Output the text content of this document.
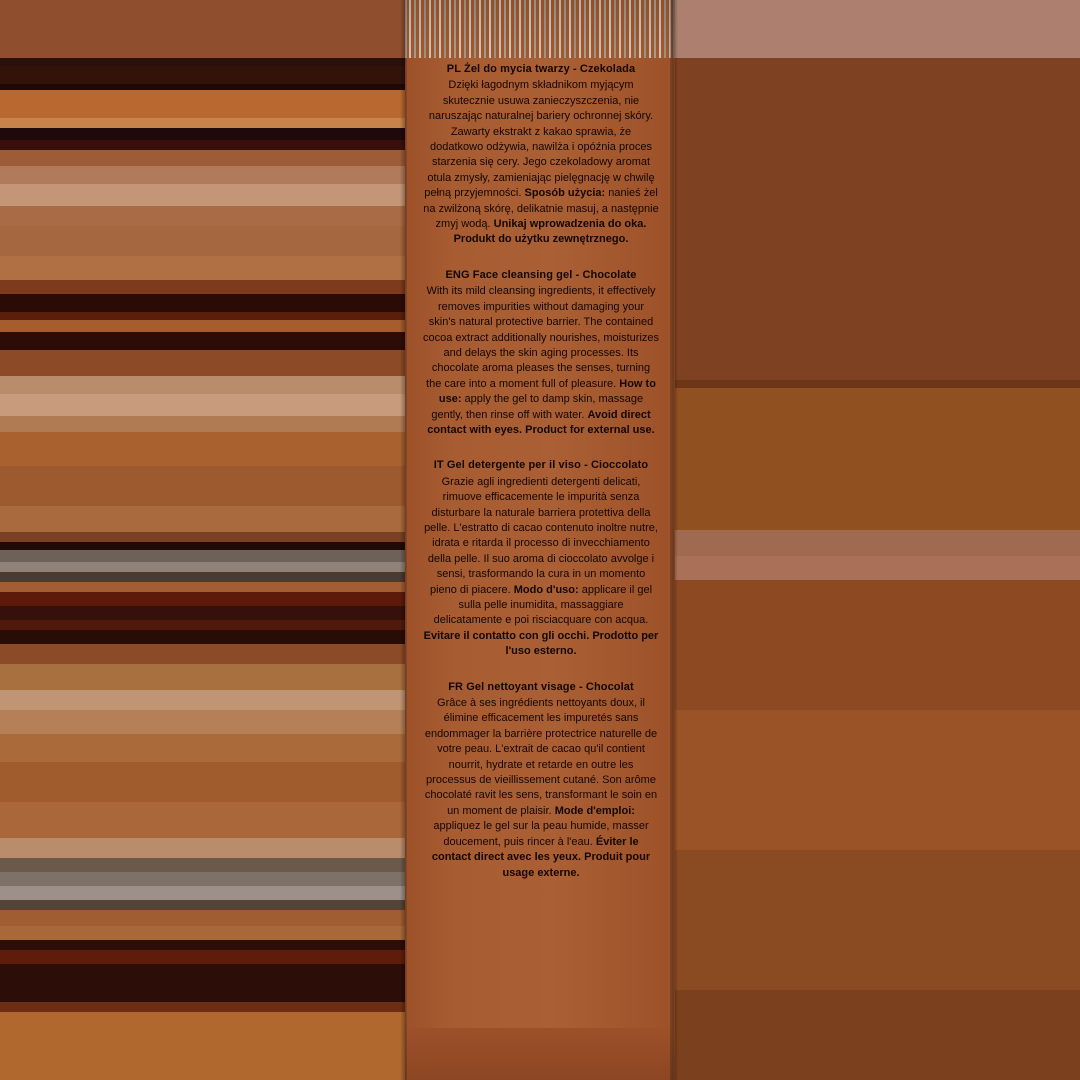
PL Żel do mycia twarzy - Czekolada
Dzięki łagodnym składnikom myjącym skutecznie usuwa zanieczyszczenia, nie naruszając naturalnej bariery ochronnej skóry. Zawarty ekstrakt z kakao sprawia, że dodatkowo odżywia, nawilża i opóźnia proces starzenia się cery. Jego czekoladowy aromat otula zmysły, zamieniając pielęgnację w chwilę pełną przyjemności. Sposób użycia: nanieś żel na zwilżoną skórę, delikatnie masuj, a następnie zmyj wodą. Unikaj wprowadzenia do oka. Produkt do użytku zewnętrznego.
ENG Face cleansing gel - Chocolate
With its mild cleansing ingredients, it effectively removes impurities without damaging your skin's natural protective barrier. The contained cocoa extract additionally nourishes, moisturizes and delays the skin aging processes. Its chocolate aroma pleases the senses, turning the care into a moment full of pleasure. How to use: apply the gel to damp skin, massage gently, then rinse off with water. Avoid direct contact with eyes. Product for external use.
IT Gel detergente per il viso - Cioccolato
Grazie agli ingredienti detergenti delicati, rimuove efficacemente le impurità senza disturbare la naturale barriera protettiva della pelle. L'estratto di cacao contenuto inoltre nutre, idrata e ritarda il processo di invecchiamento della pelle. Il suo aroma di cioccolato avvolge i sensi, trasformando la cura in un momento pieno di piacere. Modo d'uso: applicare il gel sulla pelle inumidita, massaggiare delicatamente e poi risciacquare con acqua. Evitare il contatto con gli occhi. Prodotto per l'uso esterno.
FR Gel nettoyant visage - Chocolat
Grâce à ses ingrédients nettoyants doux, il élimine efficacement les impuretés sans endommager la barrière protectrice naturelle de votre peau. L'extrait de cacao qu'il contient nourrit, hydrate et retarde en outre les processus de vieillissement cutané. Son arôme chocolaté ravit les sens, transformant le soin en un moment de plaisir. Mode d'emploi: appliquez le gel sur la peau humide, masser doucement, puis rincer à l'eau. Éviter le contact direct avec les yeux. Produit pour usage externe.
